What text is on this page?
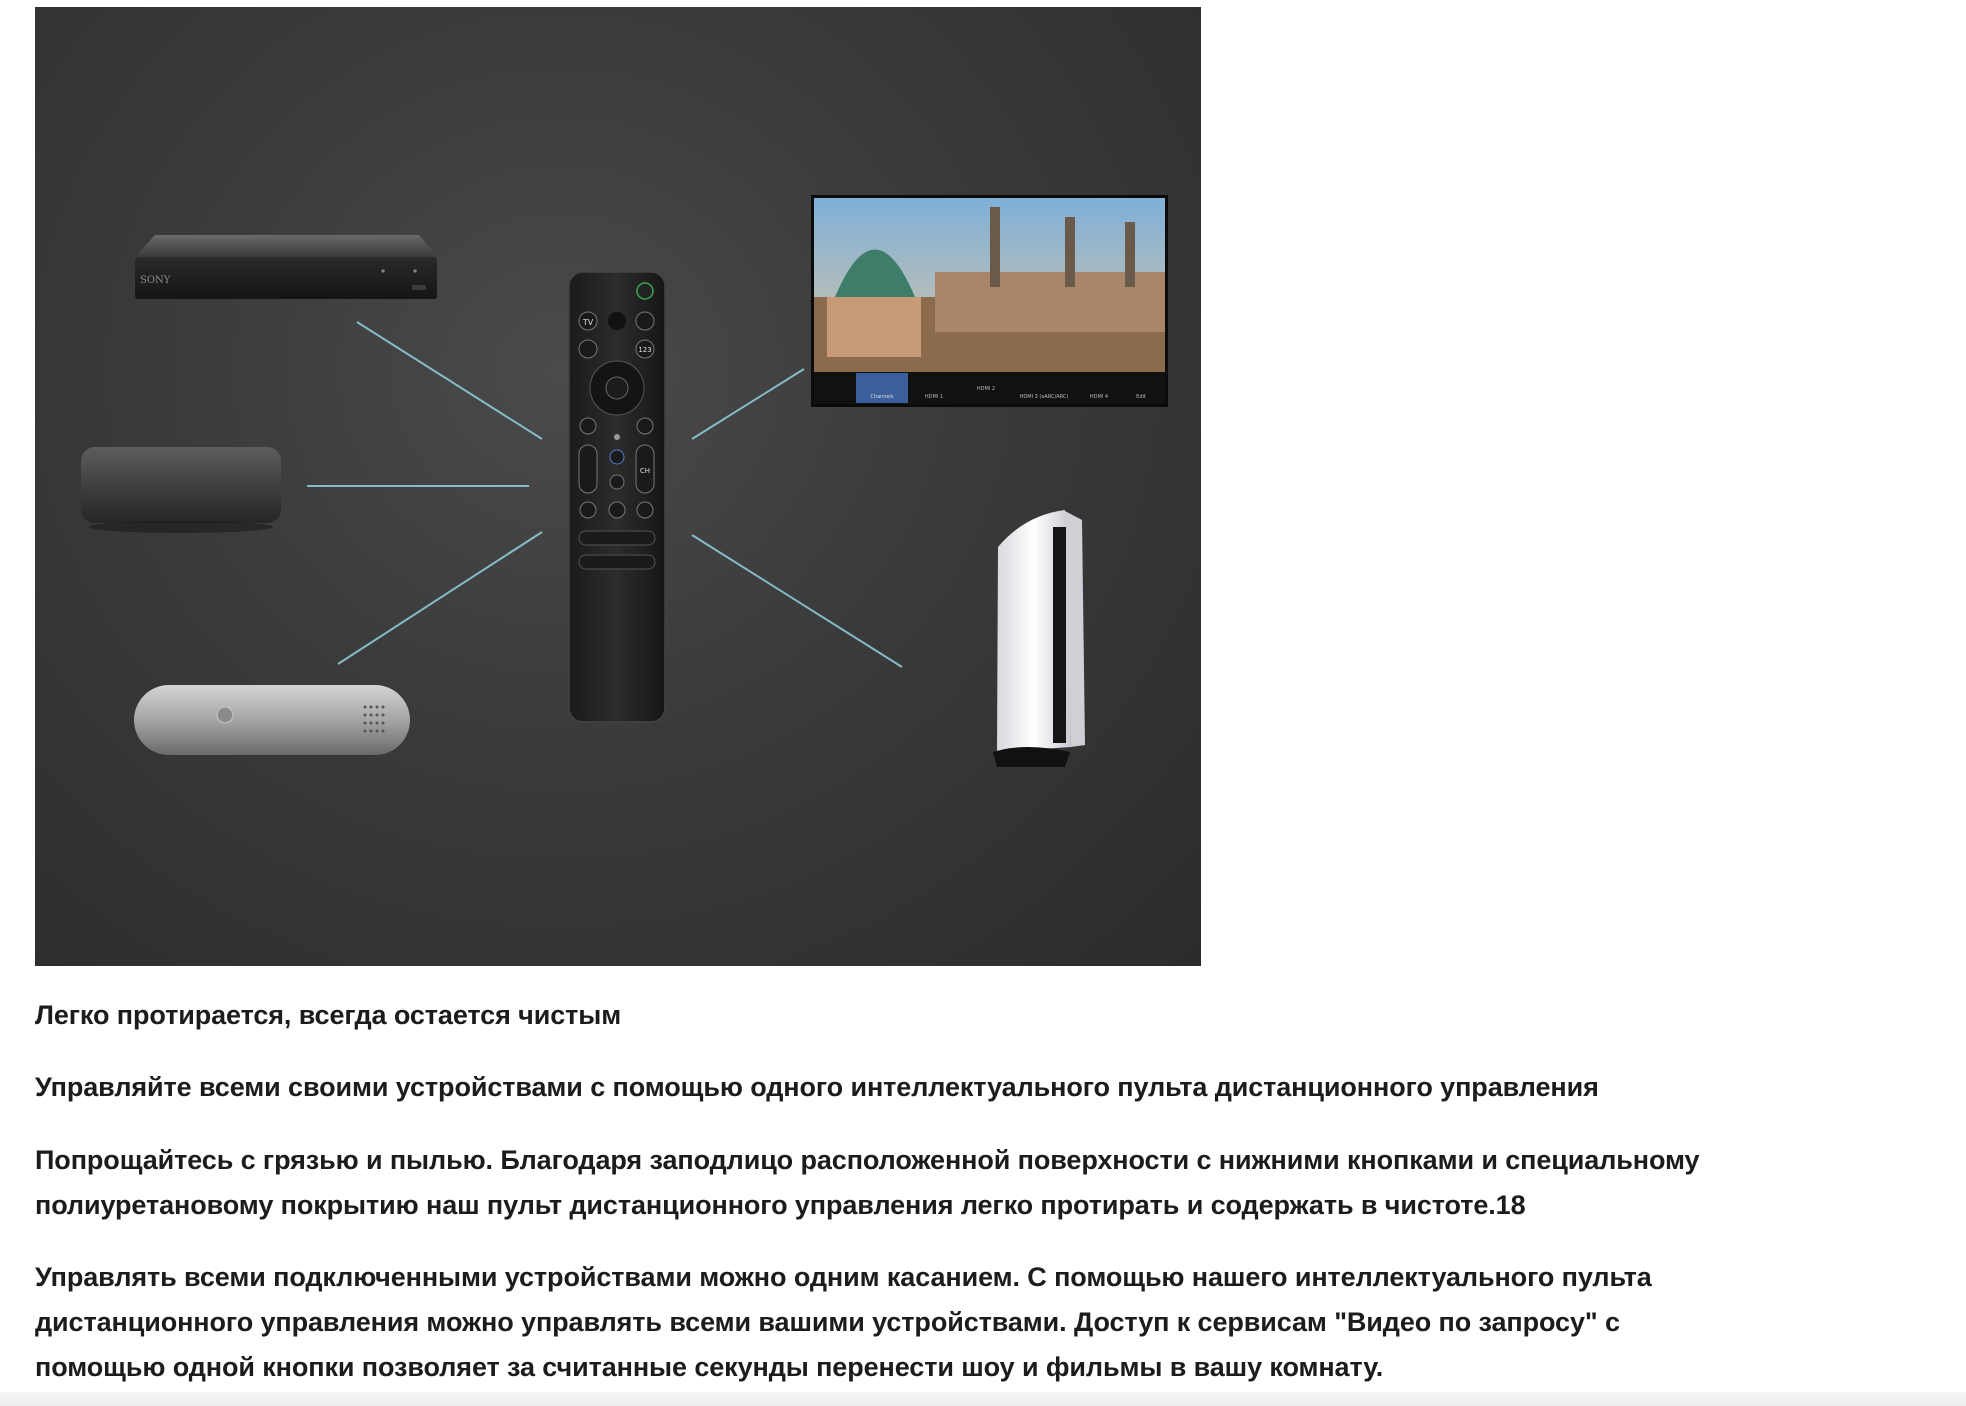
SONY
TV
123
CH
Channels	HDMI 1
HDMI 2
HDMI 3 (eARC/ARC)	HDMI 4	Edit

Легко протирается, всегда остается чистым

Управляйте всеми своими устройствами с помощью одного интеллектуального пульта дистанционного управления

Попрощайтесь с грязью и пылью. Благодаря заподлицо расположенной поверхности с нижними кнопками и специальному полиуретановому покрытию наш пульт дистанционного управления легко протирать и содержать в чистоте.18

Управлять всеми подключенными устройствами можно одним касанием. С помощью нашего интеллектуального пульта дистанционного управления можно управлять всеми вашими устройствами. Доступ к сервисам "Видео по запросу" с помощью одной кнопки позволяет за считанные секунды перенести шоу и фильмы в вашу комнату.
